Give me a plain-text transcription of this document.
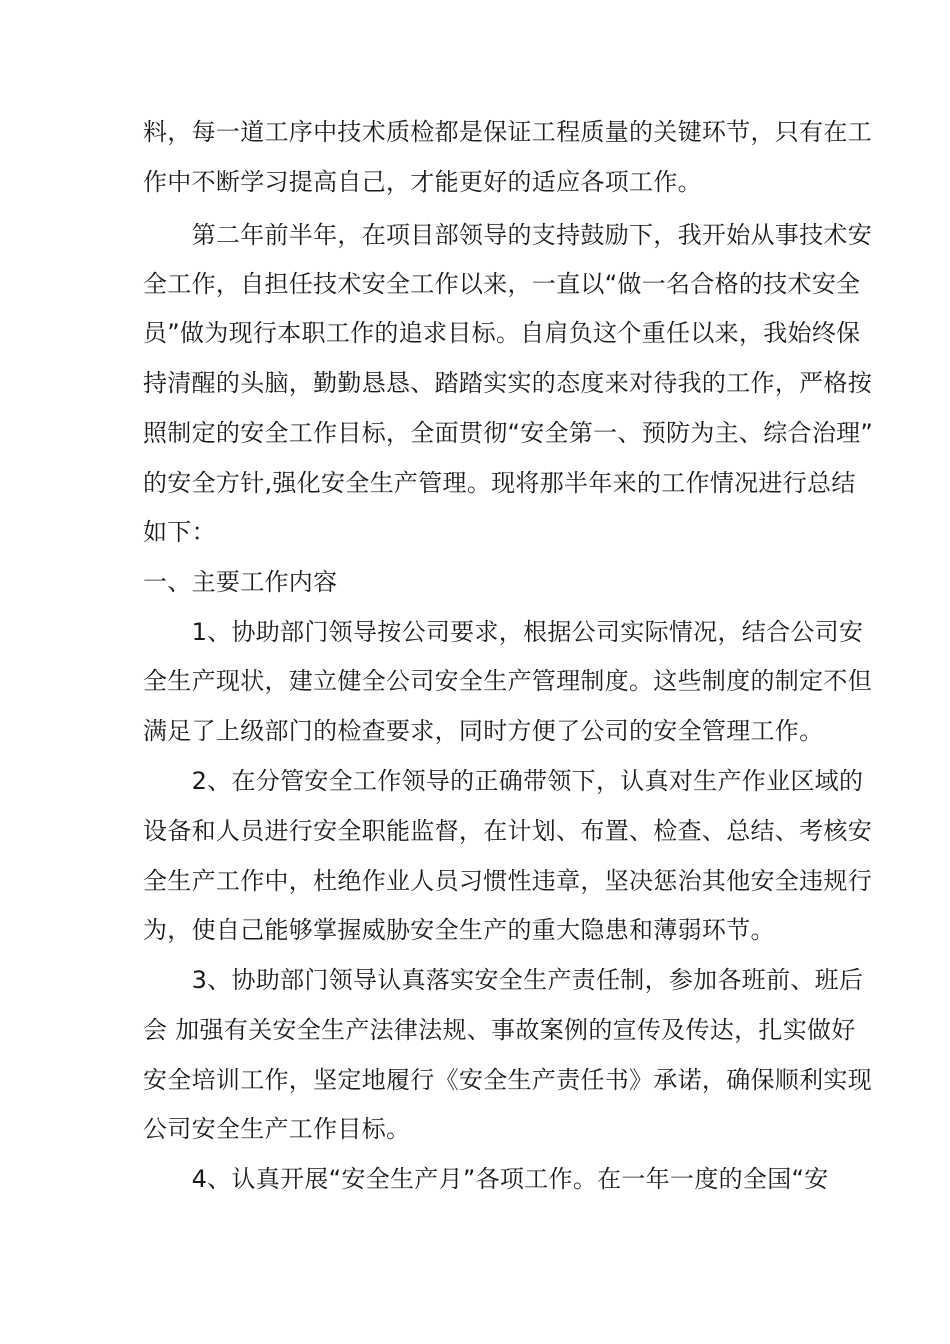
料，每一道工序中技术质检都是保证工程质量的关键环节，只有在工
作中不断学习提高自己，才能更好的适应各项工作。
　　第二年前半年，在项目部领导的支持鼓励下，我开始从事技术安
全工作，自担任技术安全工作以来，一直以“做一名合格的技术安全
员”做为现行本职工作的追求目标。自肩负这个重任以来，我始终保
持清醒的头脑，勤勤恳恳、踏踏实实的态度来对待我的工作，严格按
照制定的安全工作目标，全面贯彻“安全第一、预防为主、综合治理”
的安全方针,强化安全生产管理。现将那半年来的工作情况进行总结
如下：
一、主要工作内容
　　1、协助部门领导按公司要求，根据公司实际情况，结合公司安
全生产现状，建立健全公司安全生产管理制度。这些制度的制定不但
满足了上级部门的检查要求，同时方便了公司的安全管理工作。
　　2、在分管安全工作领导的正确带领下，认真对生产作业区域的
设备和人员进行安全职能监督，在计划、布置、检查、总结、考核安
全生产工作中，杜绝作业人员习惯性违章，坚决惩治其他安全违规行
为，使自己能够掌握威胁安全生产的重大隐患和薄弱环节。
　　3、协助部门领导认真落实安全生产责任制，参加各班前、班后
会 加强有关安全生产法律法规、事故案例的宣传及传达，扎实做好
安全培训工作，坚定地履行《安全生产责任书》承诺，确保顺利实现
公司安全生产工作目标。
　　4、认真开展“安全生产月”各项工作。在一年一度的全国“安
